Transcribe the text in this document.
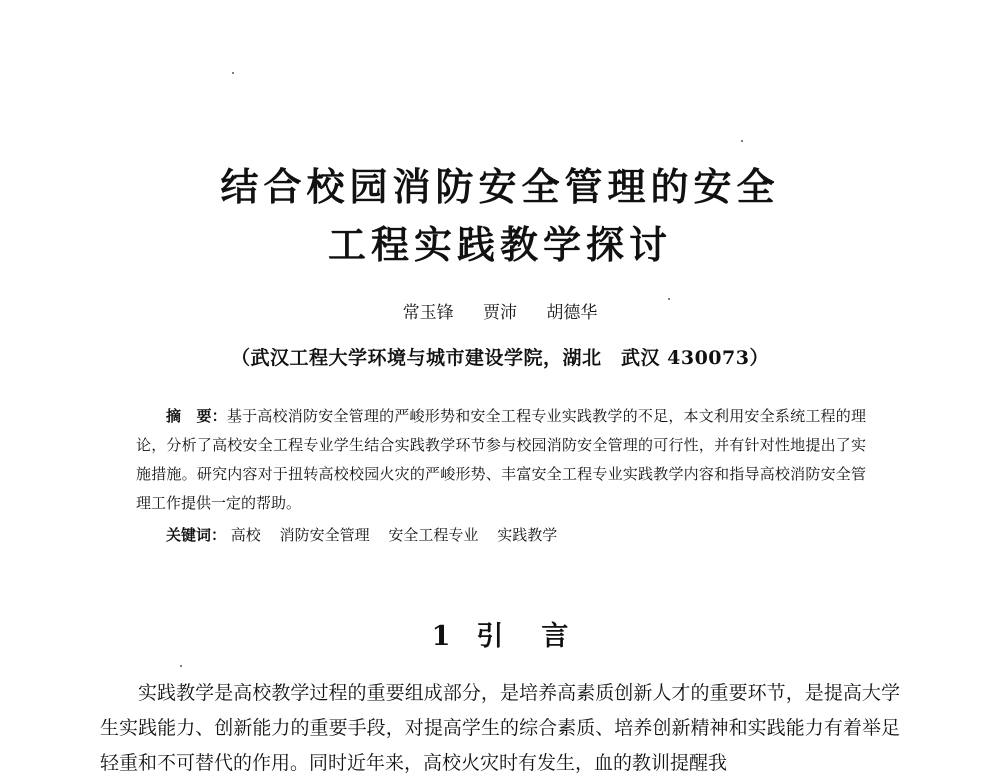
结合校园消防安全管理的安全
工程实践教学探讨
常玉锋 贾沛 胡德华
（武汉工程大学环境与城市建设学院，湖北　武汉 430073）

摘　要：基于高校消防安全管理的严峻形势和安全工程专业实践教学的不足，本文利用安全系统工程的理论，分析了高校安全工程专业学生结合实践教学环节参与校园消防安全管理的可行性，并有针对性地提出了实施措施。研究内容对于扭转高校校园火灾的严峻形势、丰富安全工程专业实践教学内容和指导高校消防安全管理工作提供一定的帮助。

关键词： 高校 消防安全管理 安全工程专业 实践教学
1 引言

实践教学是高校教学过程的重要组成部分，是培养高素质创新人才的重要环节，是提高大学生实践能力、创新能力的重要手段，对提高学生的综合素质、培养创新精神和实践能力有着举足轻重和不可替代的作用。同时近年来，高校火灾时有发生，血的教训提醒我
